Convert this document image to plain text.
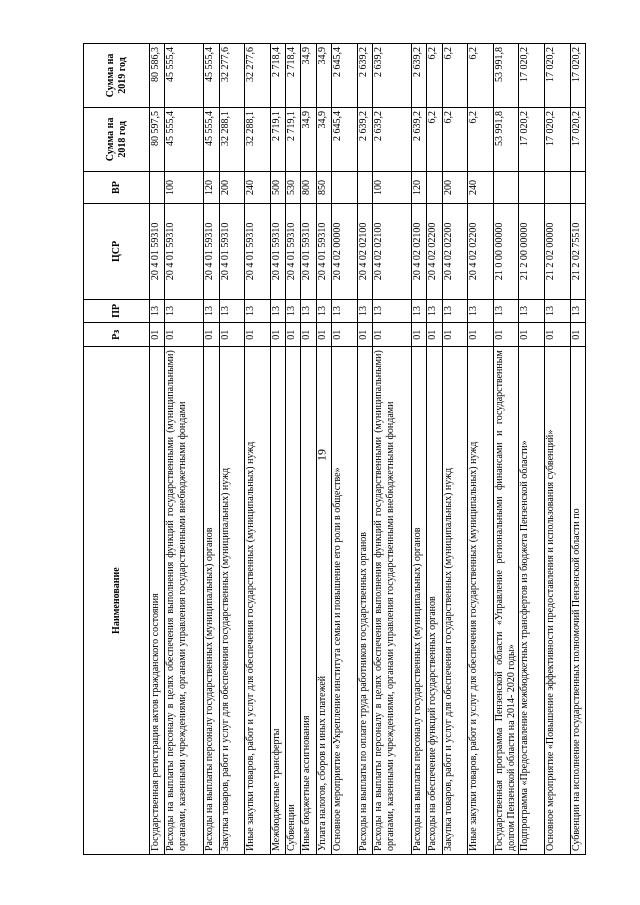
19
Наименование	Рз	ПР	ЦСР	ВР	Сумма на 2018 год	Сумма на 2019 год
Государственная регистрация актов гражданского состояния	01	13	20 4 01 59310		80 597,5	80 586,3
Расходы на выплаты персоналу в целях обеспечения выполнения функций государственными (муниципальными) органами, казенными учреждениями, органами управления государственными внебюджетными фондами	01	13	20 4 01 59310	100	45 555,4	45 555,4
Расходы на выплаты персоналу государственных (муниципальных) органов	01	13	20 4 01 59310	120	45 555,4	45 555,4
Закупка товаров, работ и услуг для обеспечения государственных (муниципальных) нужд	01	13	20 4 01 59310	200	32 288,1	32 277,6
Иные закупки товаров, работ и услуг для обеспечения государственных (муниципальных) нужд	01	13	20 4 01 59310	240	32 288,1	32 277,6
Межбюджетные трансферты	01	13	20 4 01 59310	500	2 719,1	2 718,4
Субвенции	01	13	20 4 01 59310	530	2 719,1	2 718,4
Иные бюджетные ассигнования	01	13	20 4 01 59310	800	34,9	34,9
Уплата налогов, сборов и иных платежей	01	13	20 4 01 59310	850	34,9	34,9
Основное мероприятие «Укрепление института семьи и повышение его роли в обществе»	01	13	20 4 02 00000		2 645,4	2 645,4
Расходы на выплаты по оплате труда работников государственных органов	01	13	20 4 02 02100		2 639,2	2 639,2
Расходы на выплаты персоналу в целях обеспечения выполнения функций государственными (муниципальными) органами, казенными учреждениями, органами управления государственными внебюджетными фондами	01	13	20 4 02 02100	100	2 639,2	2 639,2
Расходы на выплаты персоналу государственных (муниципальных) органов	01	13	20 4 02 02100	120	2 639,2	2 639,2
Расходы на обеспечение функций государственных органов	01	13	20 4 02 02200		6,2	6,2
Закупка товаров, работ и услуг для обеспечения государственных (муниципальных) нужд	01	13	20 4 02 02200	200	6,2	6,2
Иные закупки товаров, работ и услуг для обеспечения государственных (муниципальных) нужд	01	13	20 4 02 02200	240	6,2	6,2
Государственная программа Пензенской области «Управление региональными финансами и государственным долгом Пензенской области на 2014- 2020 годы»	01	13	21 0 00 00000		53 991,8	53 991,8
Подпрограмма «Предоставление межбюджетных трансфертов из бюджета Пензенской области»	01	13	21 2 00 00000		17 020,2	17 020,2
Основное мероприятие «Повышение эффективности предоставления и использования субвенций»	01	13	21 2 02 00000		17 020,2	17 020,2
Субвенции на исполнение государственных полномочий Пензенской области по	01	13	21 2 02 75510		17 020,2	17 020,2
